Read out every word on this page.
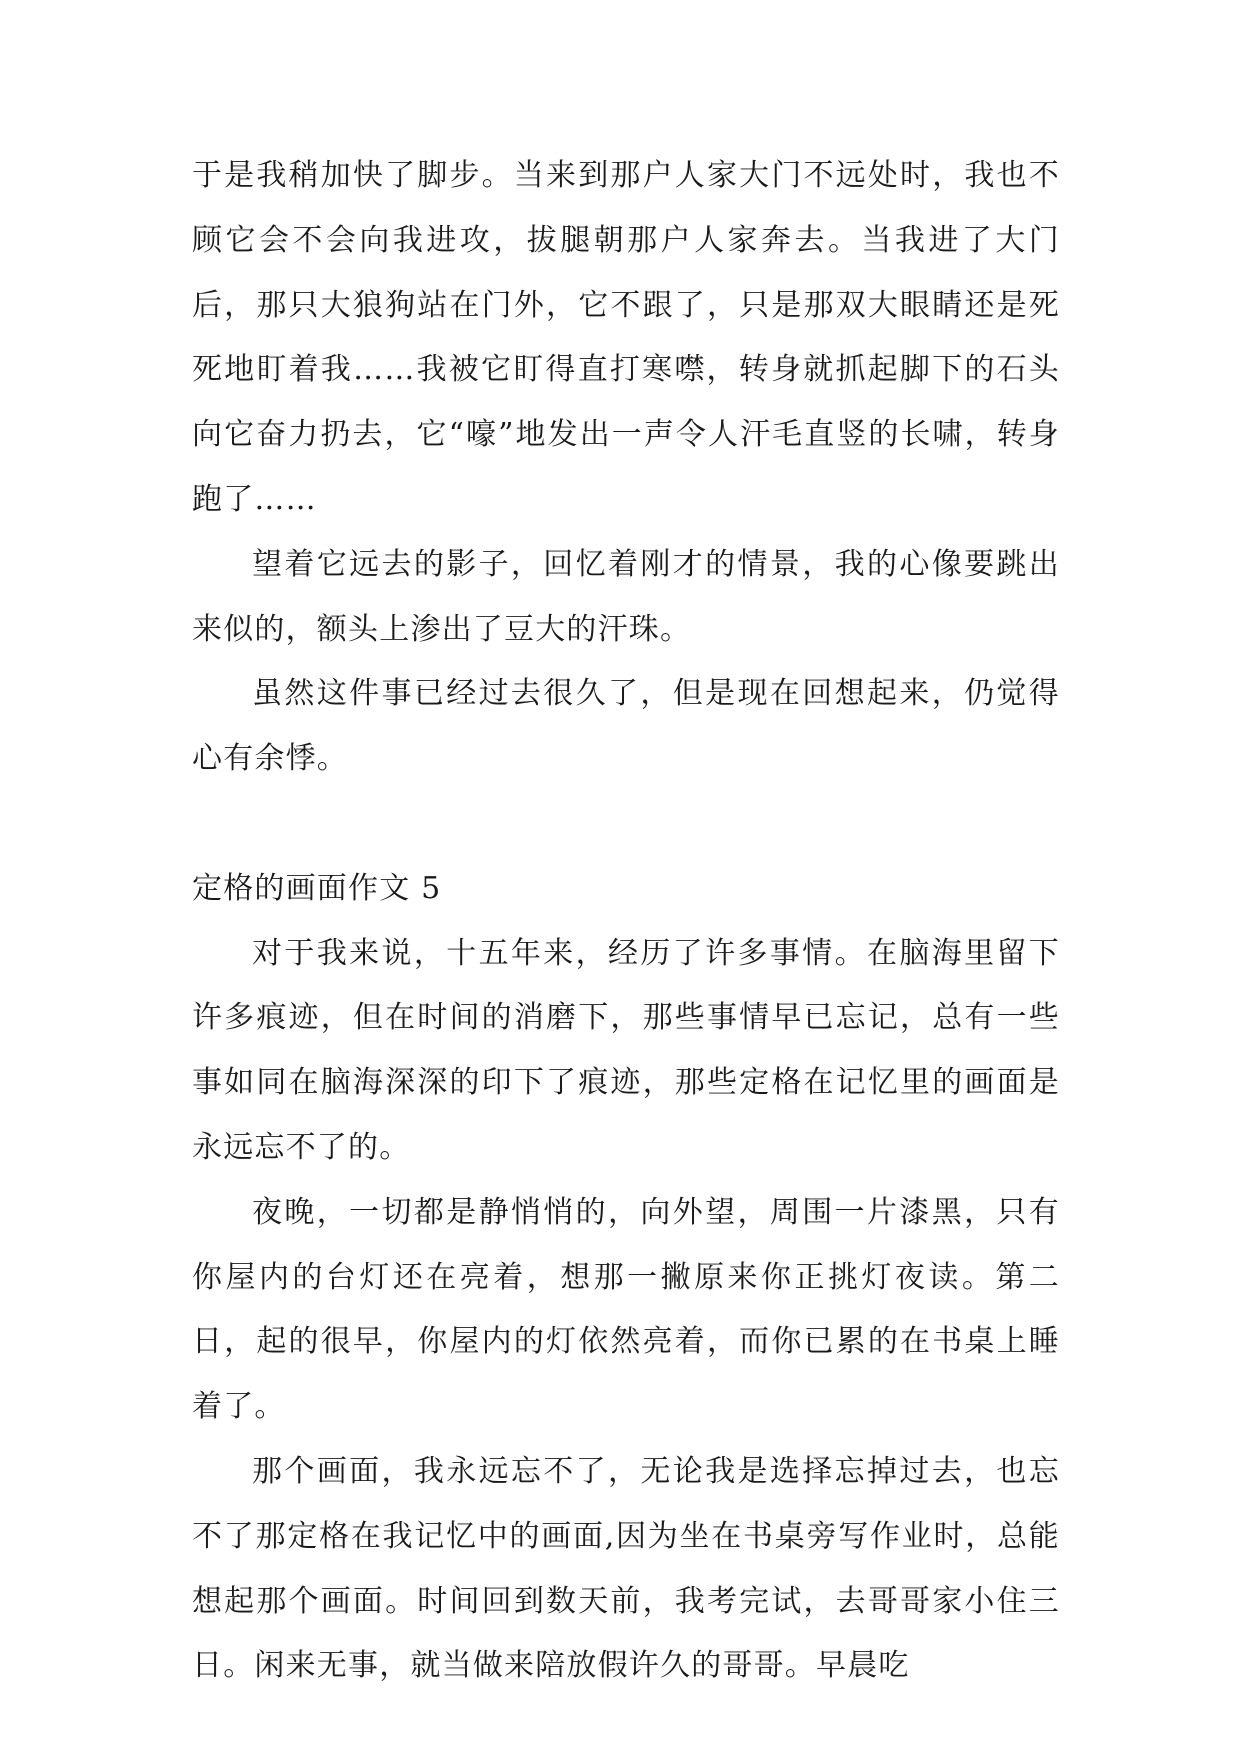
于是我稍加快了脚步。当来到那户人家大门不远处时，我也不顾它会不会向我进攻，拔腿朝那户人家奔去。当我进了大门后，那只大狼狗站在门外，它不跟了，只是那双大眼睛还是死死地盯着我……我被它盯得直打寒噤，转身就抓起脚下的石头向它奋力扔去，它“嚎”地发出一声令人汗毛直竖的长啸，转身跑了……

望着它远去的影子，回忆着刚才的情景，我的心像要跳出来似的，额头上渗出了豆大的汗珠。

虽然这件事已经过去很久了，但是现在回想起来，仍觉得心有余悸。

定格的画面作文 5

对于我来说，十五年来，经历了许多事情。在脑海里留下许多痕迹，但在时间的消磨下，那些事情早已忘记，总有一些事如同在脑海深深的印下了痕迹，那些定格在记忆里的画面是永远忘不了的。

夜晚，一切都是静悄悄的，向外望，周围一片漆黑，只有你屋内的台灯还在亮着，想那一撇原来你正挑灯夜读。第二日，起的很早，你屋内的灯依然亮着，而你已累的在书桌上睡着了。

那个画面，我永远忘不了，无论我是选择忘掉过去，也忘不了那定格在我记忆中的画面,因为坐在书桌旁写作业时，总能想起那个画面。时间回到数天前，我考完试，去哥哥家小住三日。闲来无事，就当做来陪放假许久的哥哥。早晨吃
